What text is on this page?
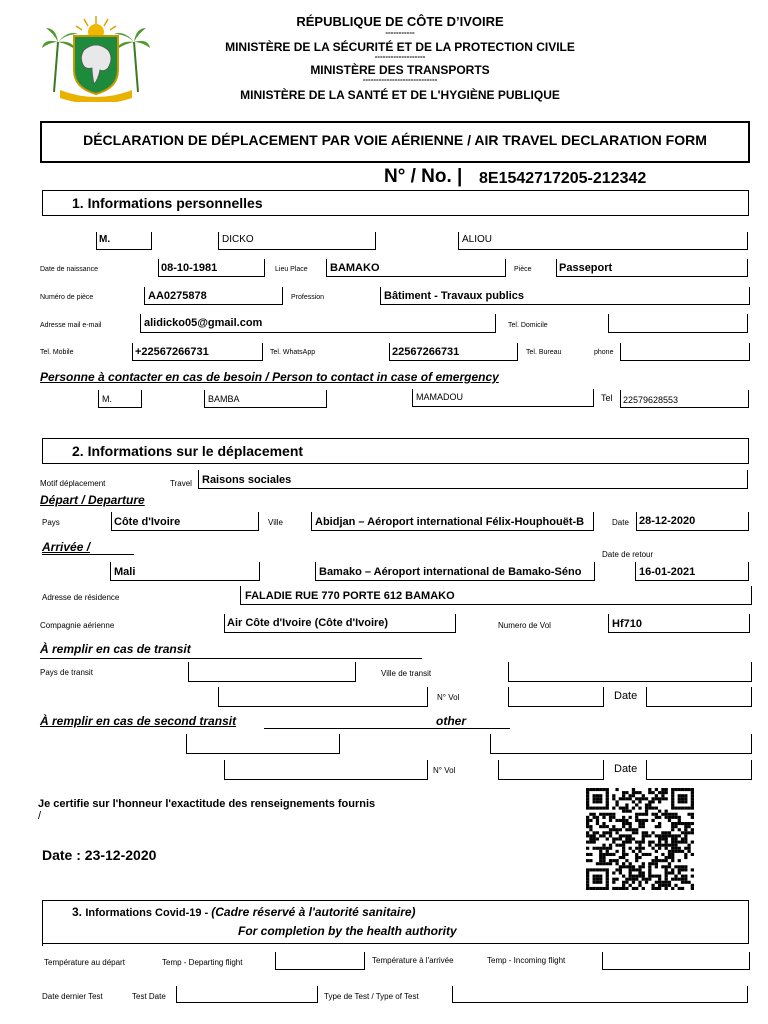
RÉPUBLIQUE DE CÔTE D’IVOIRE
-----------
MINISTÈRE DE LA SÉCURITÉ ET DE LA PROTECTION CIVILE
-------------------
MINISTÈRE DES TRANSPORTS
----------------------------
MINISTÈRE DE LA SANTÉ ET DE L'HYGIÈNE PUBLIQUE
DÉCLARATION DE DÉPLACEMENT PAR VOIE AÉRIENNE / AIR TRAVEL DECLARATION FORM
N° / No. | 8E1542717205-212342
1. Informations personnelles
M.	DICKO	ALIOU
Date de naissance	08-10-1981	Lieu Place BAMAKO	Pièce Passeport
Numéro de pièce	AA0275878	Profession	Bâtiment - Travaux publics
Adresse mail e-mail	alidicko05@gmail.com	Tel. Domicile
Tel. Mobile	+22567266731	Tel. WhatsApp	22567266731	Tel. Bureau	phone
Personne à contacter en cas de besoin / Person to contact in case of emergency
M.	BAMBA	MAMADOU	Tel 22579628553
2. Informations sur le déplacement
Motif déplacement	Travel Raisons sociales
Départ / Departure
Pays	Côte d'Ivoire	Ville	Abidjan – Aéroport international Félix-Houphouët-B	Date 28-12-2020
Arrivée /
Date de retour
Mali	Bamako – Aéroport international de Bamako-Séno	16-01-2021
Adresse de résidence	FALADIE RUE 770 PORTE 612 BAMAKO
Compagnie aérienne	Air Côte d'Ivoire (Côte d'Ivoire)	Numero de Vol	Hf710
À remplir en cas de transit
Pays de transit	Ville de transit
N° Vol	Date
À remplir en cas de second transit	other
N° Vol	Date
Je certifie sur l'honneur l'exactitude des renseignements fournis
/
Date : 23-12-2020
3. Informations Covid-19 - (Cadre réservé à l'autorité sanitaire)
For completion by the health authority
Température au départ	Temp - Departing flight	Température à l'arrivée	Temp - Incoming flight
Date dernier Test	Test Date	Type de Test / Type of Test
